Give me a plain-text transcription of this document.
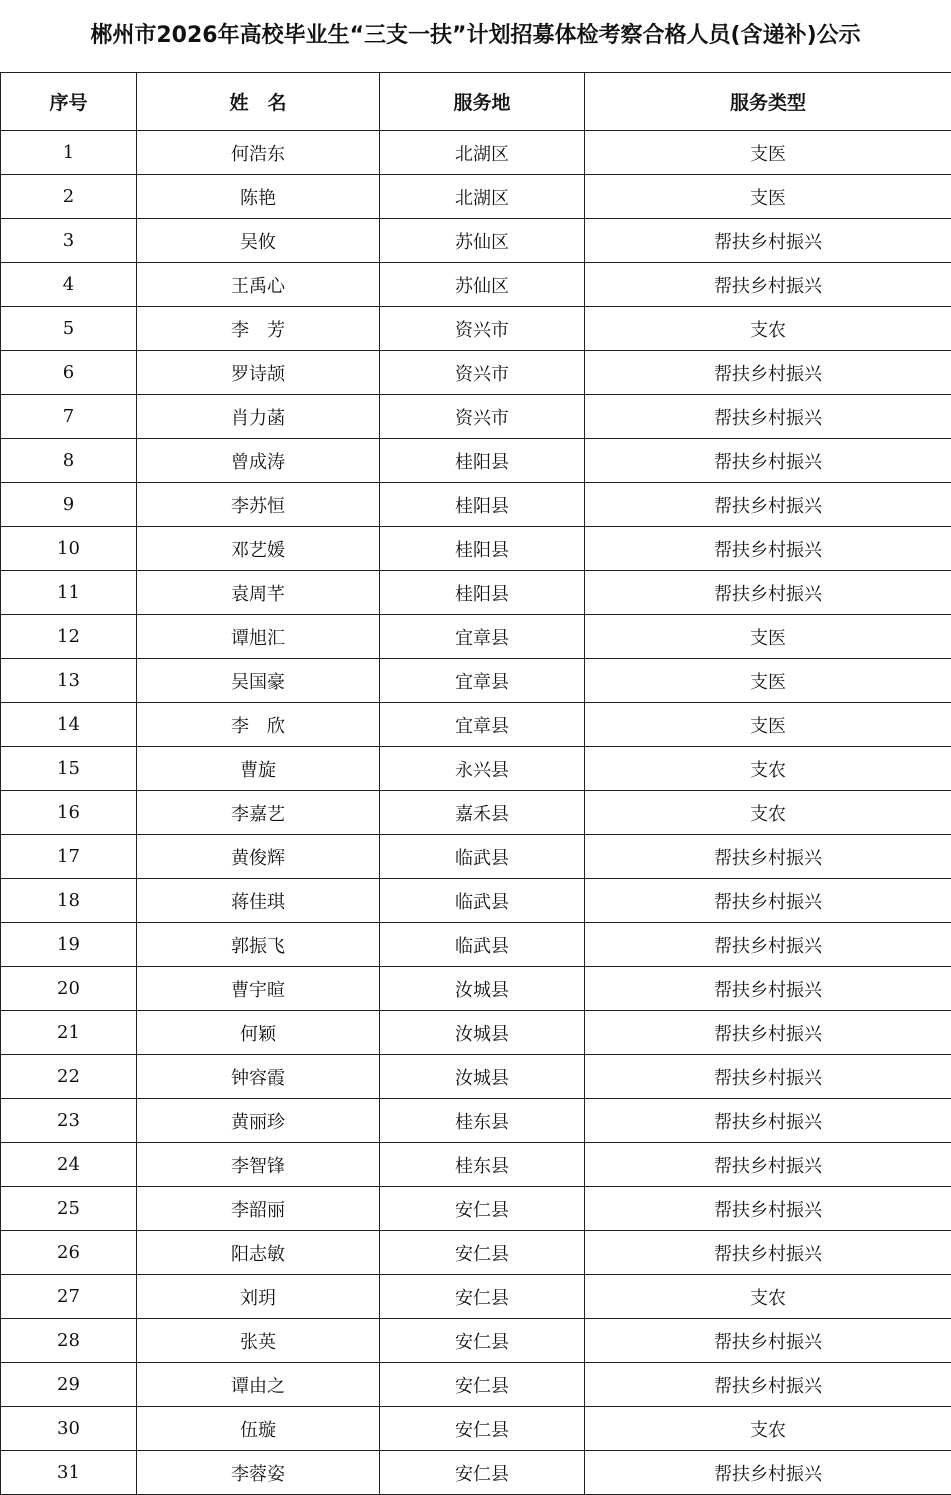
郴州市2026年高校毕业生“三支一扶”计划招募体检考察合格人员(含递补)公示
序号	姓　名	服务地	服务类型
1	何浩东	北湖区	支医
2	陈艳	北湖区	支医
3	吴攸	苏仙区	帮扶乡村振兴
4	王禹心	苏仙区	帮扶乡村振兴
5	李　芳	资兴市	支农
6	罗诗颉	资兴市	帮扶乡村振兴
7	肖力菡	资兴市	帮扶乡村振兴
8	曾成涛	桂阳县	帮扶乡村振兴
9	李苏恒	桂阳县	帮扶乡村振兴
10	邓艺媛	桂阳县	帮扶乡村振兴
11	袁周芊	桂阳县	帮扶乡村振兴
12	谭旭汇	宜章县	支医
13	吴国豪	宜章县	支医
14	李　欣	宜章县	支医
15	曹旋	永兴县	支农
16	李嘉艺	嘉禾县	支农
17	黄俊辉	临武县	帮扶乡村振兴
18	蒋佳琪	临武县	帮扶乡村振兴
19	郭振飞	临武县	帮扶乡村振兴
20	曹宇暄	汝城县	帮扶乡村振兴
21	何颖	汝城县	帮扶乡村振兴
22	钟容霞	汝城县	帮扶乡村振兴
23	黄丽珍	桂东县	帮扶乡村振兴
24	李智锋	桂东县	帮扶乡村振兴
25	李韶丽	安仁县	帮扶乡村振兴
26	阳志敏	安仁县	帮扶乡村振兴
27	刘玥	安仁县	支农
28	张英	安仁县	帮扶乡村振兴
29	谭由之	安仁县	帮扶乡村振兴
30	伍璇	安仁县	支农
31	李蓉姿	安仁县	帮扶乡村振兴
